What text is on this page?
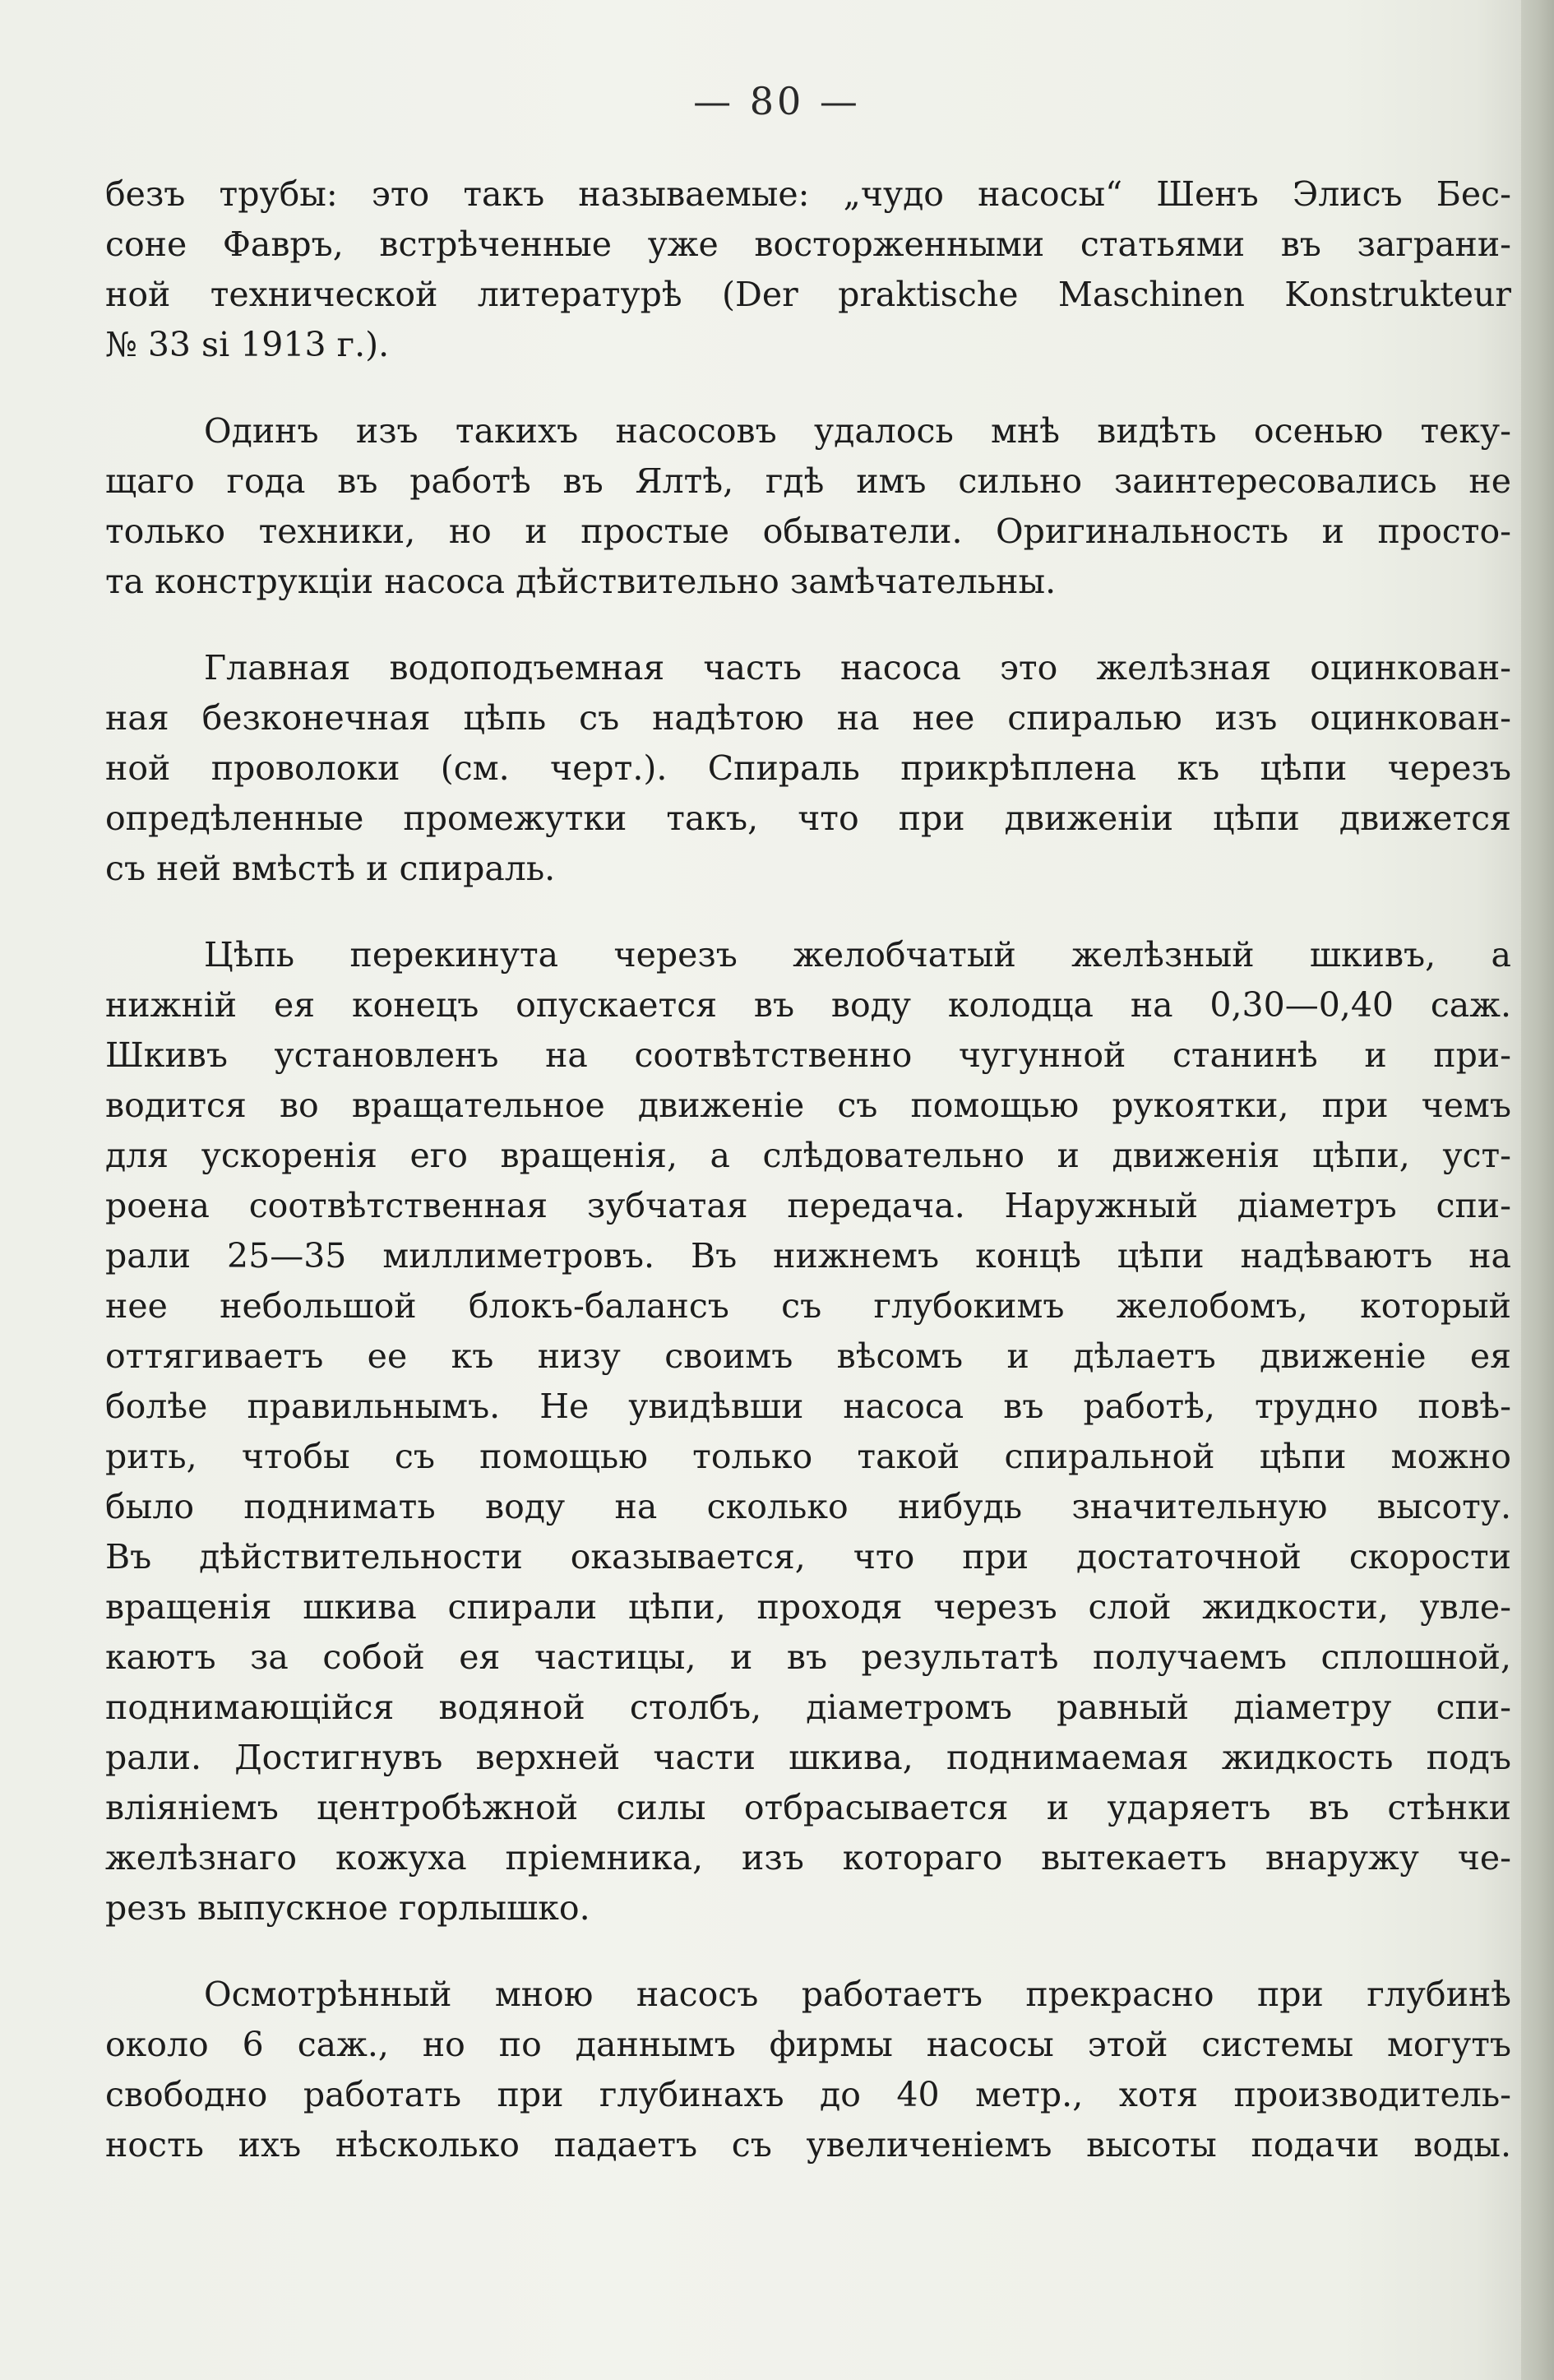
— 80 —
безъ трубы: это такъ называемые: „чудо насосы“ Шенъ Элисъ Бес-
соне Фавръ, встрѣченные уже восторженными статьями въ заграни-
ной технической литературѣ (Der praktische Maschinen Konstrukteur
№ 33 si 1913 г.).
Одинъ изъ такихъ насосовъ удалось мнѣ видѣть осенью теку-
щаго года въ работѣ въ Ялтѣ, гдѣ имъ сильно заинтересовались не
только техники, но и простые обыватели. Оригинальность и просто-
та конструкціи насоса дѣйствительно замѣчательны.
Главная водоподъемная часть насоса это желѣзная оцинкован-
ная безконечная цѣпь съ надѣтою на нее спиралью изъ оцинкован-
ной проволоки (см. черт.). Спираль прикрѣплена къ цѣпи черезъ
опредѣленные промежутки такъ, что при движеніи цѣпи движется
съ ней вмѣстѣ и спираль.
Цѣпь перекинута черезъ желобчатый желѣзный шкивъ, а
нижній ея конецъ опускается въ воду колодца на 0,30—0,40 саж.
Шкивъ установленъ на соотвѣтственно чугунной станинѣ и при-
водится во вращательное движеніе съ помощью рукоятки, при чемъ
для ускоренія его вращенія, а слѣдовательно и движенія цѣпи, уст-
роена соотвѣтственная зубчатая передача. Наружный діаметръ спи-
рали 25—35 миллиметровъ. Въ нижнемъ концѣ цѣпи надѣваютъ на
нее небольшой блокъ-балансъ съ глубокимъ желобомъ, который
оттягиваетъ ее къ низу своимъ вѣсомъ и дѣлаетъ движеніе ея
болѣе правильнымъ. Не увидѣвши насоса въ работѣ, трудно повѣ-
рить, чтобы съ помощью только такой спиральной цѣпи можно
было поднимать воду на сколько нибудь значительную высоту.
Въ дѣйствительности оказывается, что при достаточной скорости
вращенія шкива спирали цѣпи, проходя черезъ слой жидкости, увле-
каютъ за собой ея частицы, и въ результатѣ получаемъ сплошной,
поднимающійся водяной столбъ, діаметромъ равный діаметру спи-
рали. Достигнувъ верхней части шкива, поднимаемая жидкость подъ
вліяніемъ центробѣжной силы отбрасывается и ударяетъ въ стѣнки
желѣзнаго кожуха пріемника, изъ котораго вытекаетъ внаружу че-
резъ выпускное горлышко.
Осмотрѣнный мною насосъ работаетъ прекрасно при глубинѣ
около 6 саж., но по даннымъ фирмы насосы этой системы могутъ
свободно работать при глубинахъ до 40 метр., хотя производитель-
ность ихъ нѣсколько падаетъ съ увеличеніемъ высоты подачи воды.
